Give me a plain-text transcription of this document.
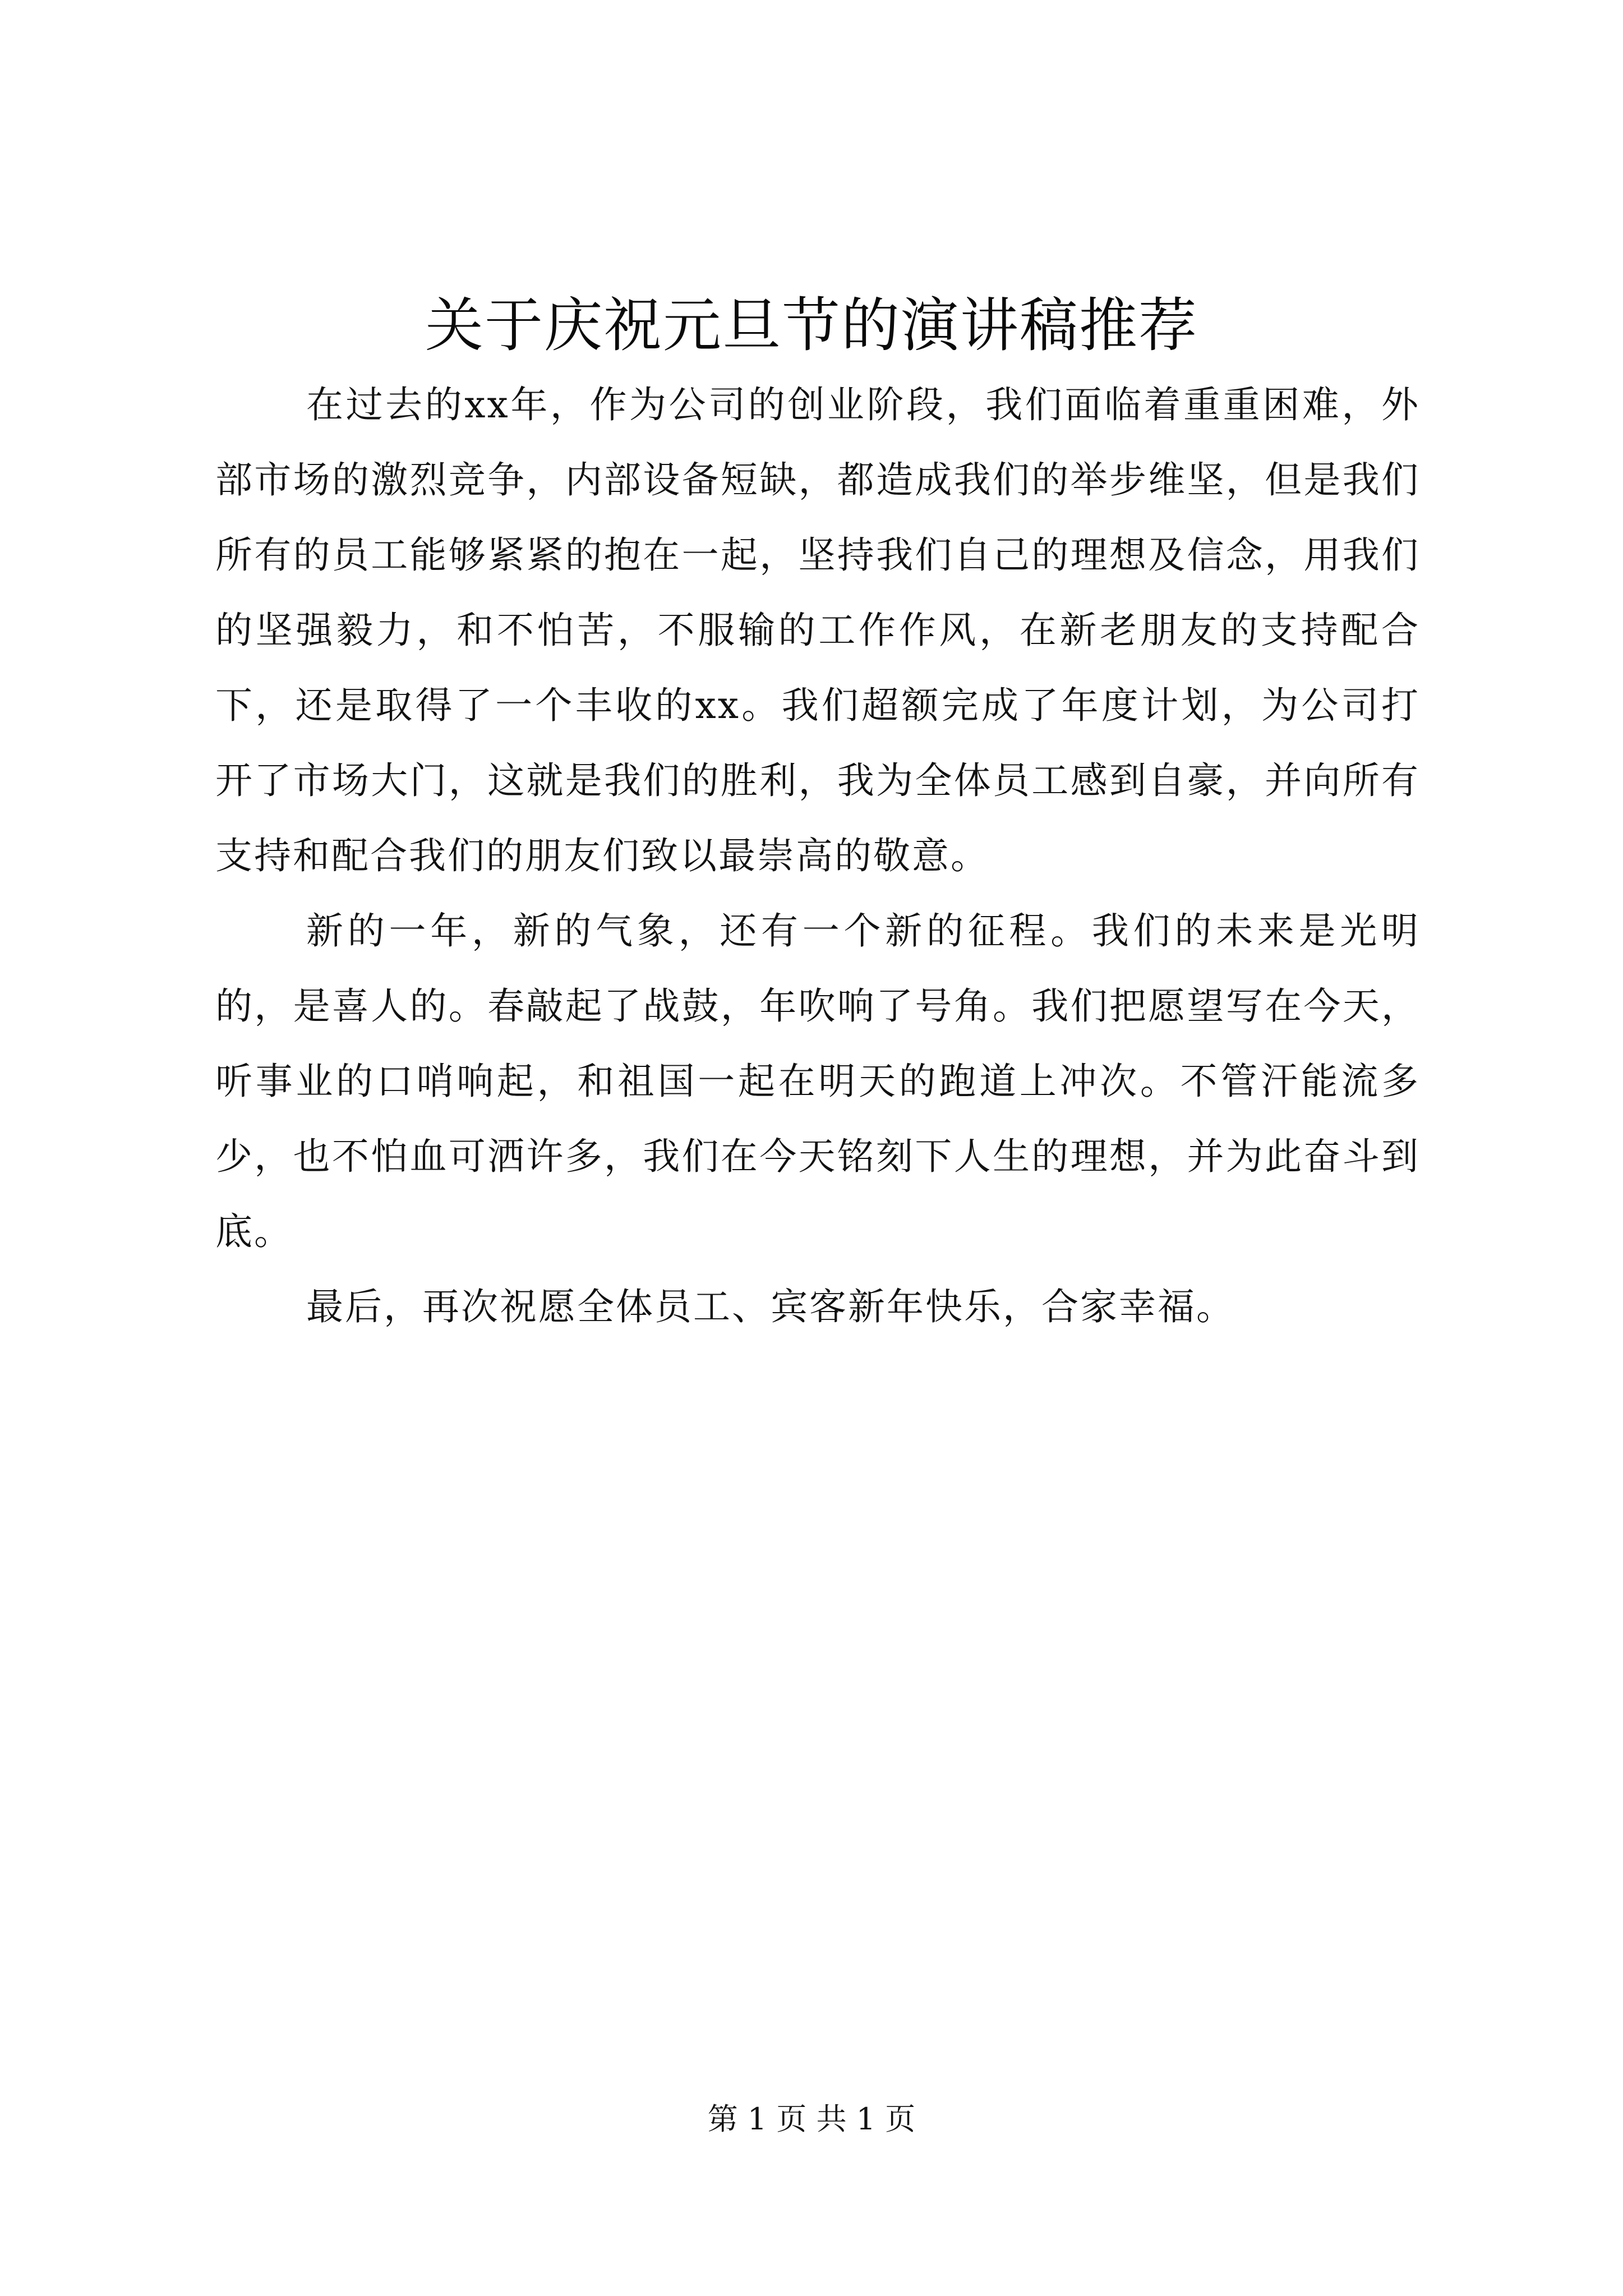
关于庆祝元旦节的演讲稿推荐

在过去的xx年，作为公司的创业阶段，我们面临着重重困难，外部市场的激烈竞争，内部设备短缺，都造成我们的举步维坚，但是我们所有的员工能够紧紧的抱在一起，坚持我们自己的理想及信念，用我们的坚强毅力，和不怕苦，不服输的工作作风，在新老朋友的支持配合下，还是取得了一个丰收的xx。我们超额完成了年度计划，为公司打开了市场大门，这就是我们的胜利，我为全体员工感到自豪，并向所有支持和配合我们的朋友们致以最崇高的敬意。

新的一年，新的气象，还有一个新的征程。我们的未来是光明的，是喜人的。春敲起了战鼓，年吹响了号角。我们把愿望写在今天，听事业的口哨响起，和祖国一起在明天的跑道上冲次。不管汗能流多少，也不怕血可洒许多，我们在今天铭刻下人生的理想，并为此奋斗到底。

最后，再次祝愿全体员工、宾客新年快乐，合家幸福。

第 1 页 共 1 页
